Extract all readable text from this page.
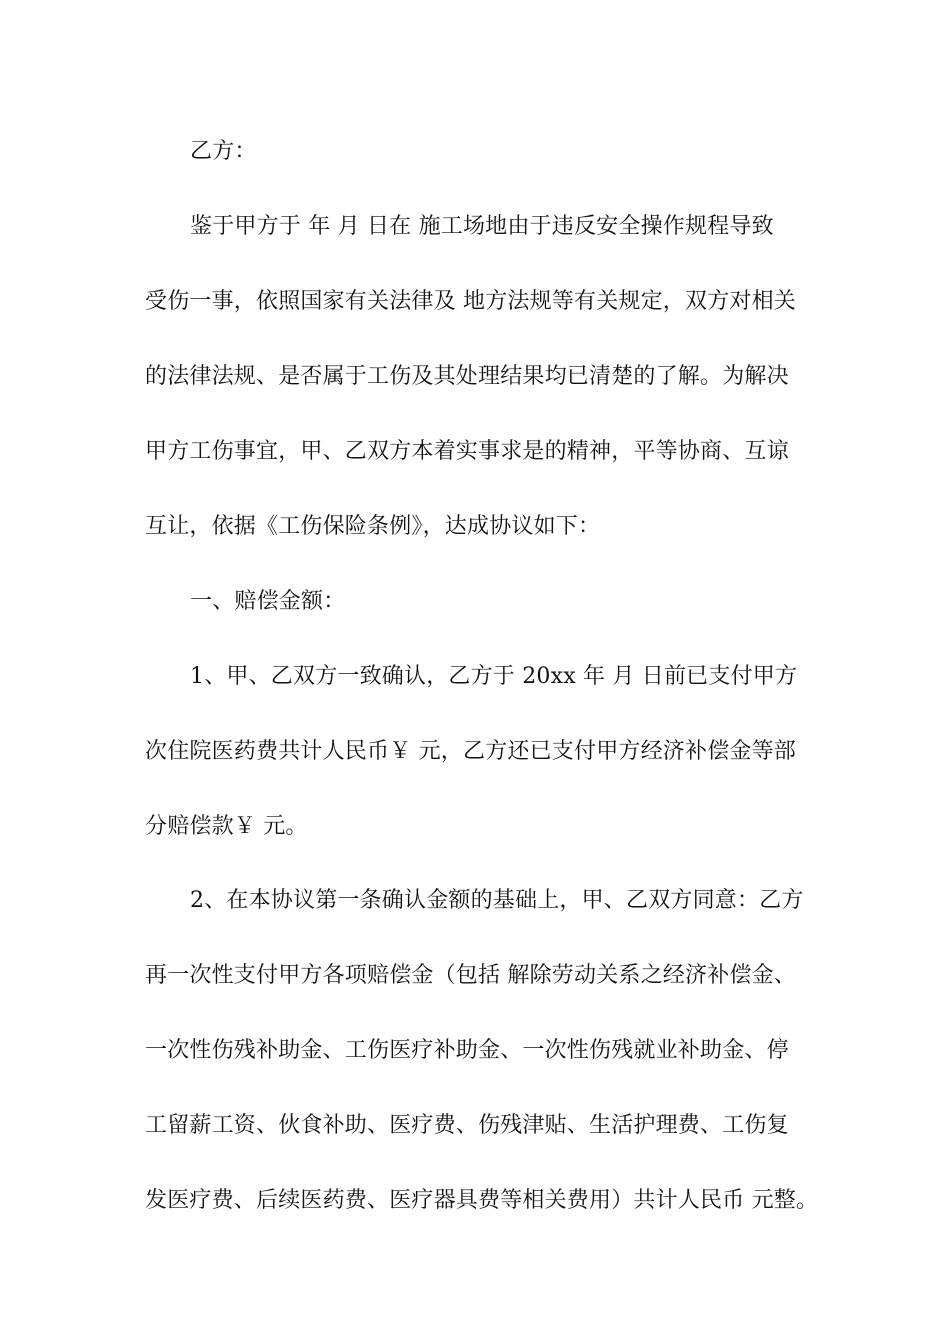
乙方：
鉴于甲方于 年 月 日在 施工场地由于违反安全操作规程导致
受伤一事，依照国家有关法律及 地方法规等有关规定，双方对相关
的法律法规、是否属于工伤及其处理结果均已清楚的了解。为解决
甲方工伤事宜，甲、乙双方本着实事求是的精神，平等协商、互谅
互让，依据《工伤保险条例》，达成协议如下：
一、赔偿金额：
1、甲、乙双方一致确认，乙方于 20xx 年 月 日前已支付甲方
次住院医药费共计人民币￥ 元，乙方还已支付甲方经济补偿金等部
分赔偿款￥ 元。
2、在本协议第一条确认金额的基础上，甲、乙双方同意：乙方
再一次性支付甲方各项赔偿金（包括 解除劳动关系之经济补偿金、
一次性伤残补助金、工伤医疗补助金、一次性伤残就业补助金、停
工留薪工资、伙食补助、医疗费、伤残津贴、生活护理费、工伤复
发医疗费、后续医药费、医疗器具费等相关费用）共计人民币 元整。
